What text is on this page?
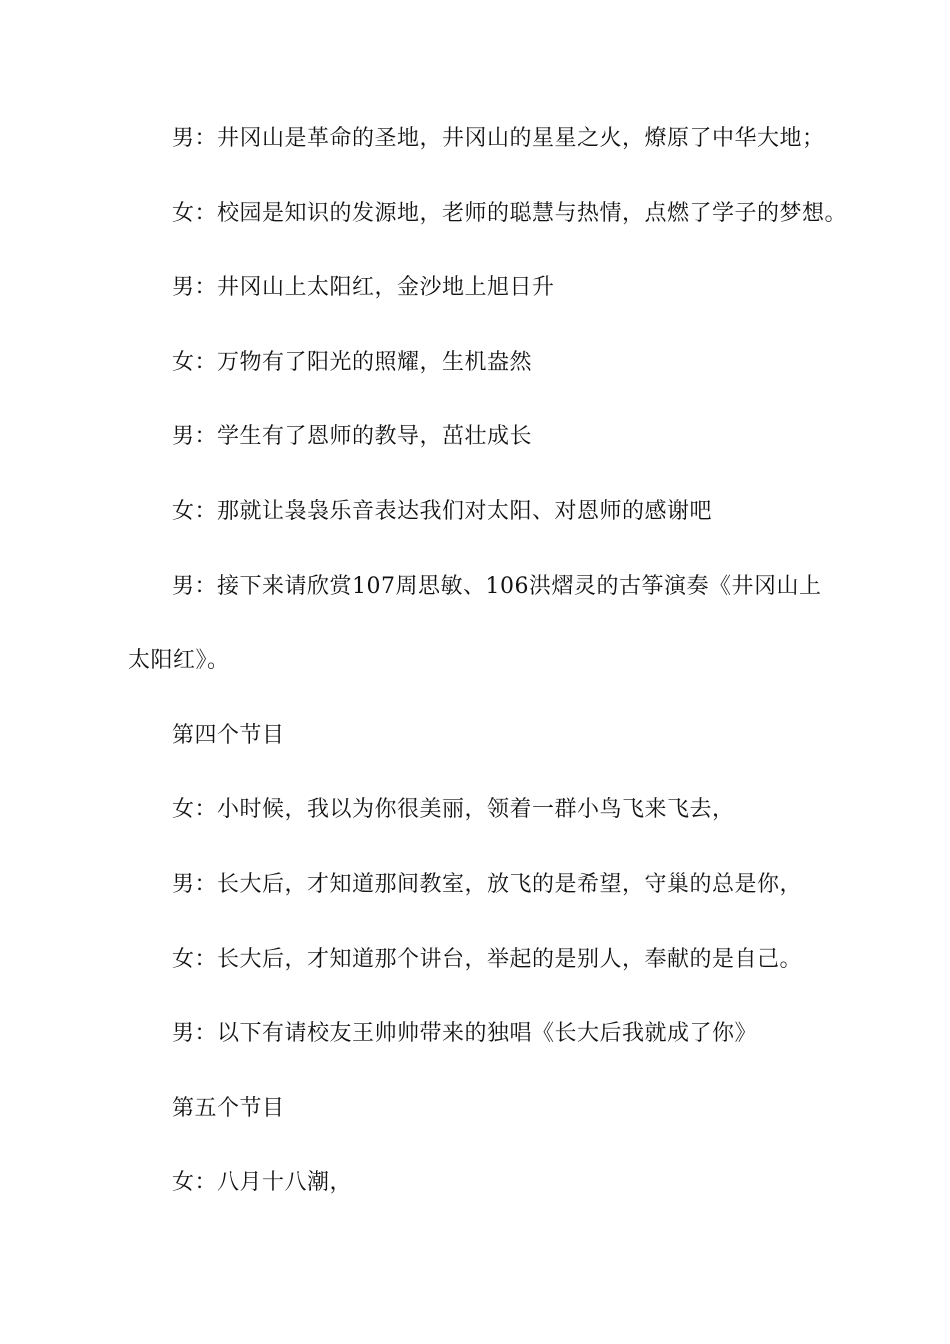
男：井冈山是革命的圣地，井冈山的星星之火，燎原了中华大地；
女：校园是知识的发源地，老师的聪慧与热情，点燃了学子的梦想。
男：井冈山上太阳红，金沙地上旭日升
女：万物有了阳光的照耀，生机盎然
男：学生有了恩师的教导，茁壮成长
女：那就让袅袅乐音表达我们对太阳、对恩师的感谢吧
男：接下来请欣赏107周思敏、106洪熠灵的古筝演奏《井冈山上
太阳红》。
第四个节目
女：小时候，我以为你很美丽，领着一群小鸟飞来飞去，
男：长大后，才知道那间教室，放飞的是希望，守巢的总是你，
女：长大后，才知道那个讲台，举起的是别人，奉献的是自己。
男：以下有请校友王帅帅带来的独唱《长大后我就成了你》
第五个节目
女：八月十八潮，
